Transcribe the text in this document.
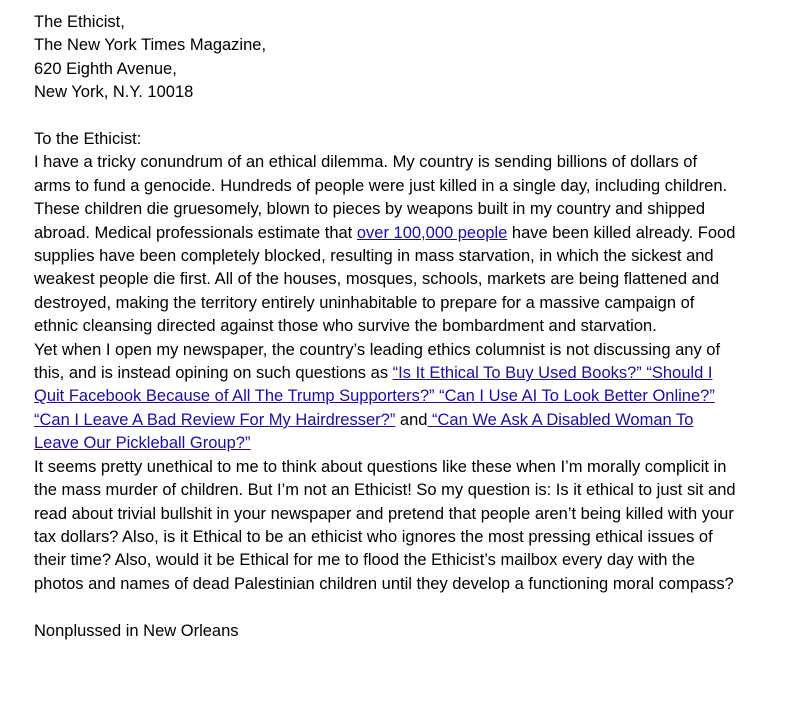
The Ethicist,
The New York Times Magazine,
620 Eighth Avenue,
New York, N.Y. 10018
To the Ethicist:
I have a tricky conundrum of an ethical dilemma. My country is sending billions of dollars of
arms to fund a genocide. Hundreds of people were just killed in a single day, including children.
These children die gruesomely, blown to pieces by weapons built in my country and shipped
abroad. Medical professionals estimate that over 100,000 people have been killed already. Food
supplies have been completely blocked, resulting in mass starvation, in which the sickest and
weakest people die first. All of the houses, mosques, schools, markets are being flattened and
destroyed, making the territory entirely uninhabitable to prepare for a massive campaign of
ethnic cleansing directed against those who survive the bombardment and starvation.
Yet when I open my newspaper, the country’s leading ethics columnist is not discussing any of
this, and is instead opining on such questions as “Is It Ethical To Buy Used Books?” “Should I
Quit Facebook Because of All The Trump Supporters?” “Can I Use AI To Look Better Online?”
“Can I Leave A Bad Review For My Hairdresser?” and “Can We Ask A Disabled Woman To
Leave Our Pickleball Group?”
It seems pretty unethical to me to think about questions like these when I’m morally complicit in
the mass murder of children. But I’m not an Ethicist! So my question is: Is it ethical to just sit and
read about trivial bullshit in your newspaper and pretend that people aren’t being killed with your
tax dollars? Also, is it Ethical to be an ethicist who ignores the most pressing ethical issues of
their time? Also, would it be Ethical for me to flood the Ethicist’s mailbox every day with the
photos and names of dead Palestinian children until they develop a functioning moral compass?
Nonplussed in New Orleans
